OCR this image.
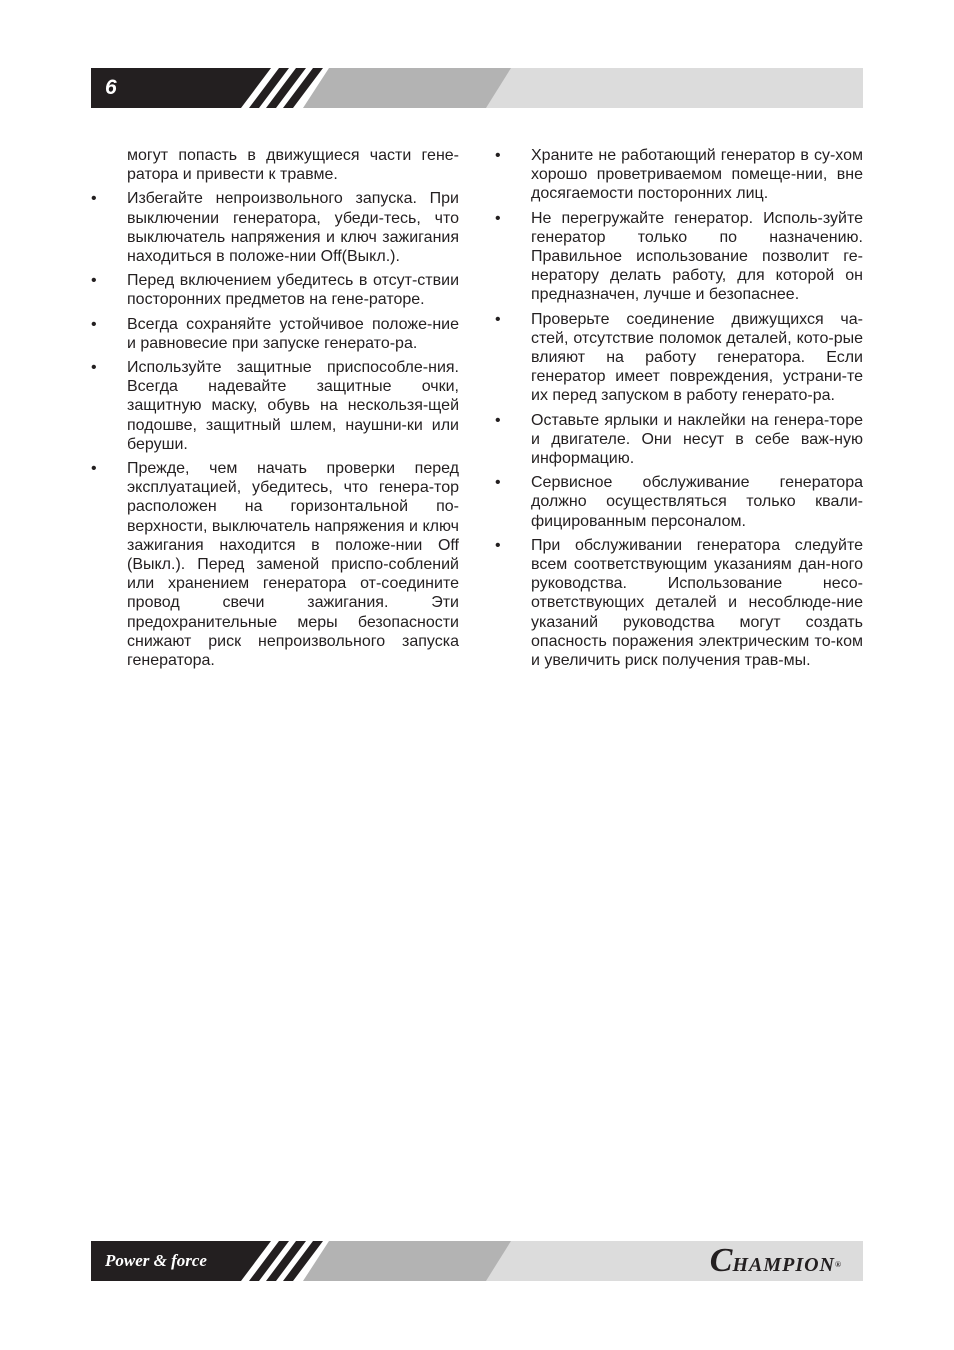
6
могут попасть в движущиеся части гене-ратора и привести к травме.
• Избегайте непроизвольного запуска. При выключении генератора, убеди-тесь, что выключатель напряжения и ключ зажигания находиться в положе-нии Off(Выкл.).
• Перед включением убедитесь в отсут-ствии посторонних предметов на гене-раторе.
• Всегда сохраняйте устойчивое положе-ние и равновесие при запуске генерато-ра.
• Используйте защитные приспособле-ния. Всегда надевайте защитные очки, защитную маску, обувь на нескользя-щей подошве, защитный шлем, наушни-ки или беруши.
• Прежде, чем начать проверки перед эксплуатацией, убедитесь, что генера-тор расположен на горизонтальной по-верхности, выключатель напряжения и ключ зажигания находится в положе-нии Off (Выкл.). Перед заменой приспо-соблений или хранением генератора от-соедините провод свечи зажигания. Эти предохранительные меры безопасности снижают риск непроизвольного запуска генератора.
• Храните не работающий генератор в су-хом хорошо проветриваемом помеще-нии, вне досягаемости посторонних лиц.
• Не перегружайте генератор. Исполь-зуйте генератор только по назначению. Правильное использование позволит ге-нератору делать работу, для которой он предназначен, лучше и безопаснее.
• Проверьте соединение движущихся ча-стей, отсутствие поломок деталей, кото-рые влияют на работу генератора. Если генератор имеет повреждения, устрани-те их перед запуском в работу генерато-ра.
• Оставьте ярлыки и наклейки на генера-торе и двигателе. Они несут в себе важ-ную информацию.
• Сервисное обслуживание генератора должно осуществляться только квали-фицированным персоналом.
• При обслуживании генератора следуйте всем соответствующим указаниям дан-ного руководства. Использование несо-ответствующих деталей и несоблюде-ние указаний руководства могут создать опасность поражения электрическим то-ком и увеличить риск получения трав-мы.
Power & force	CHAMPION®
